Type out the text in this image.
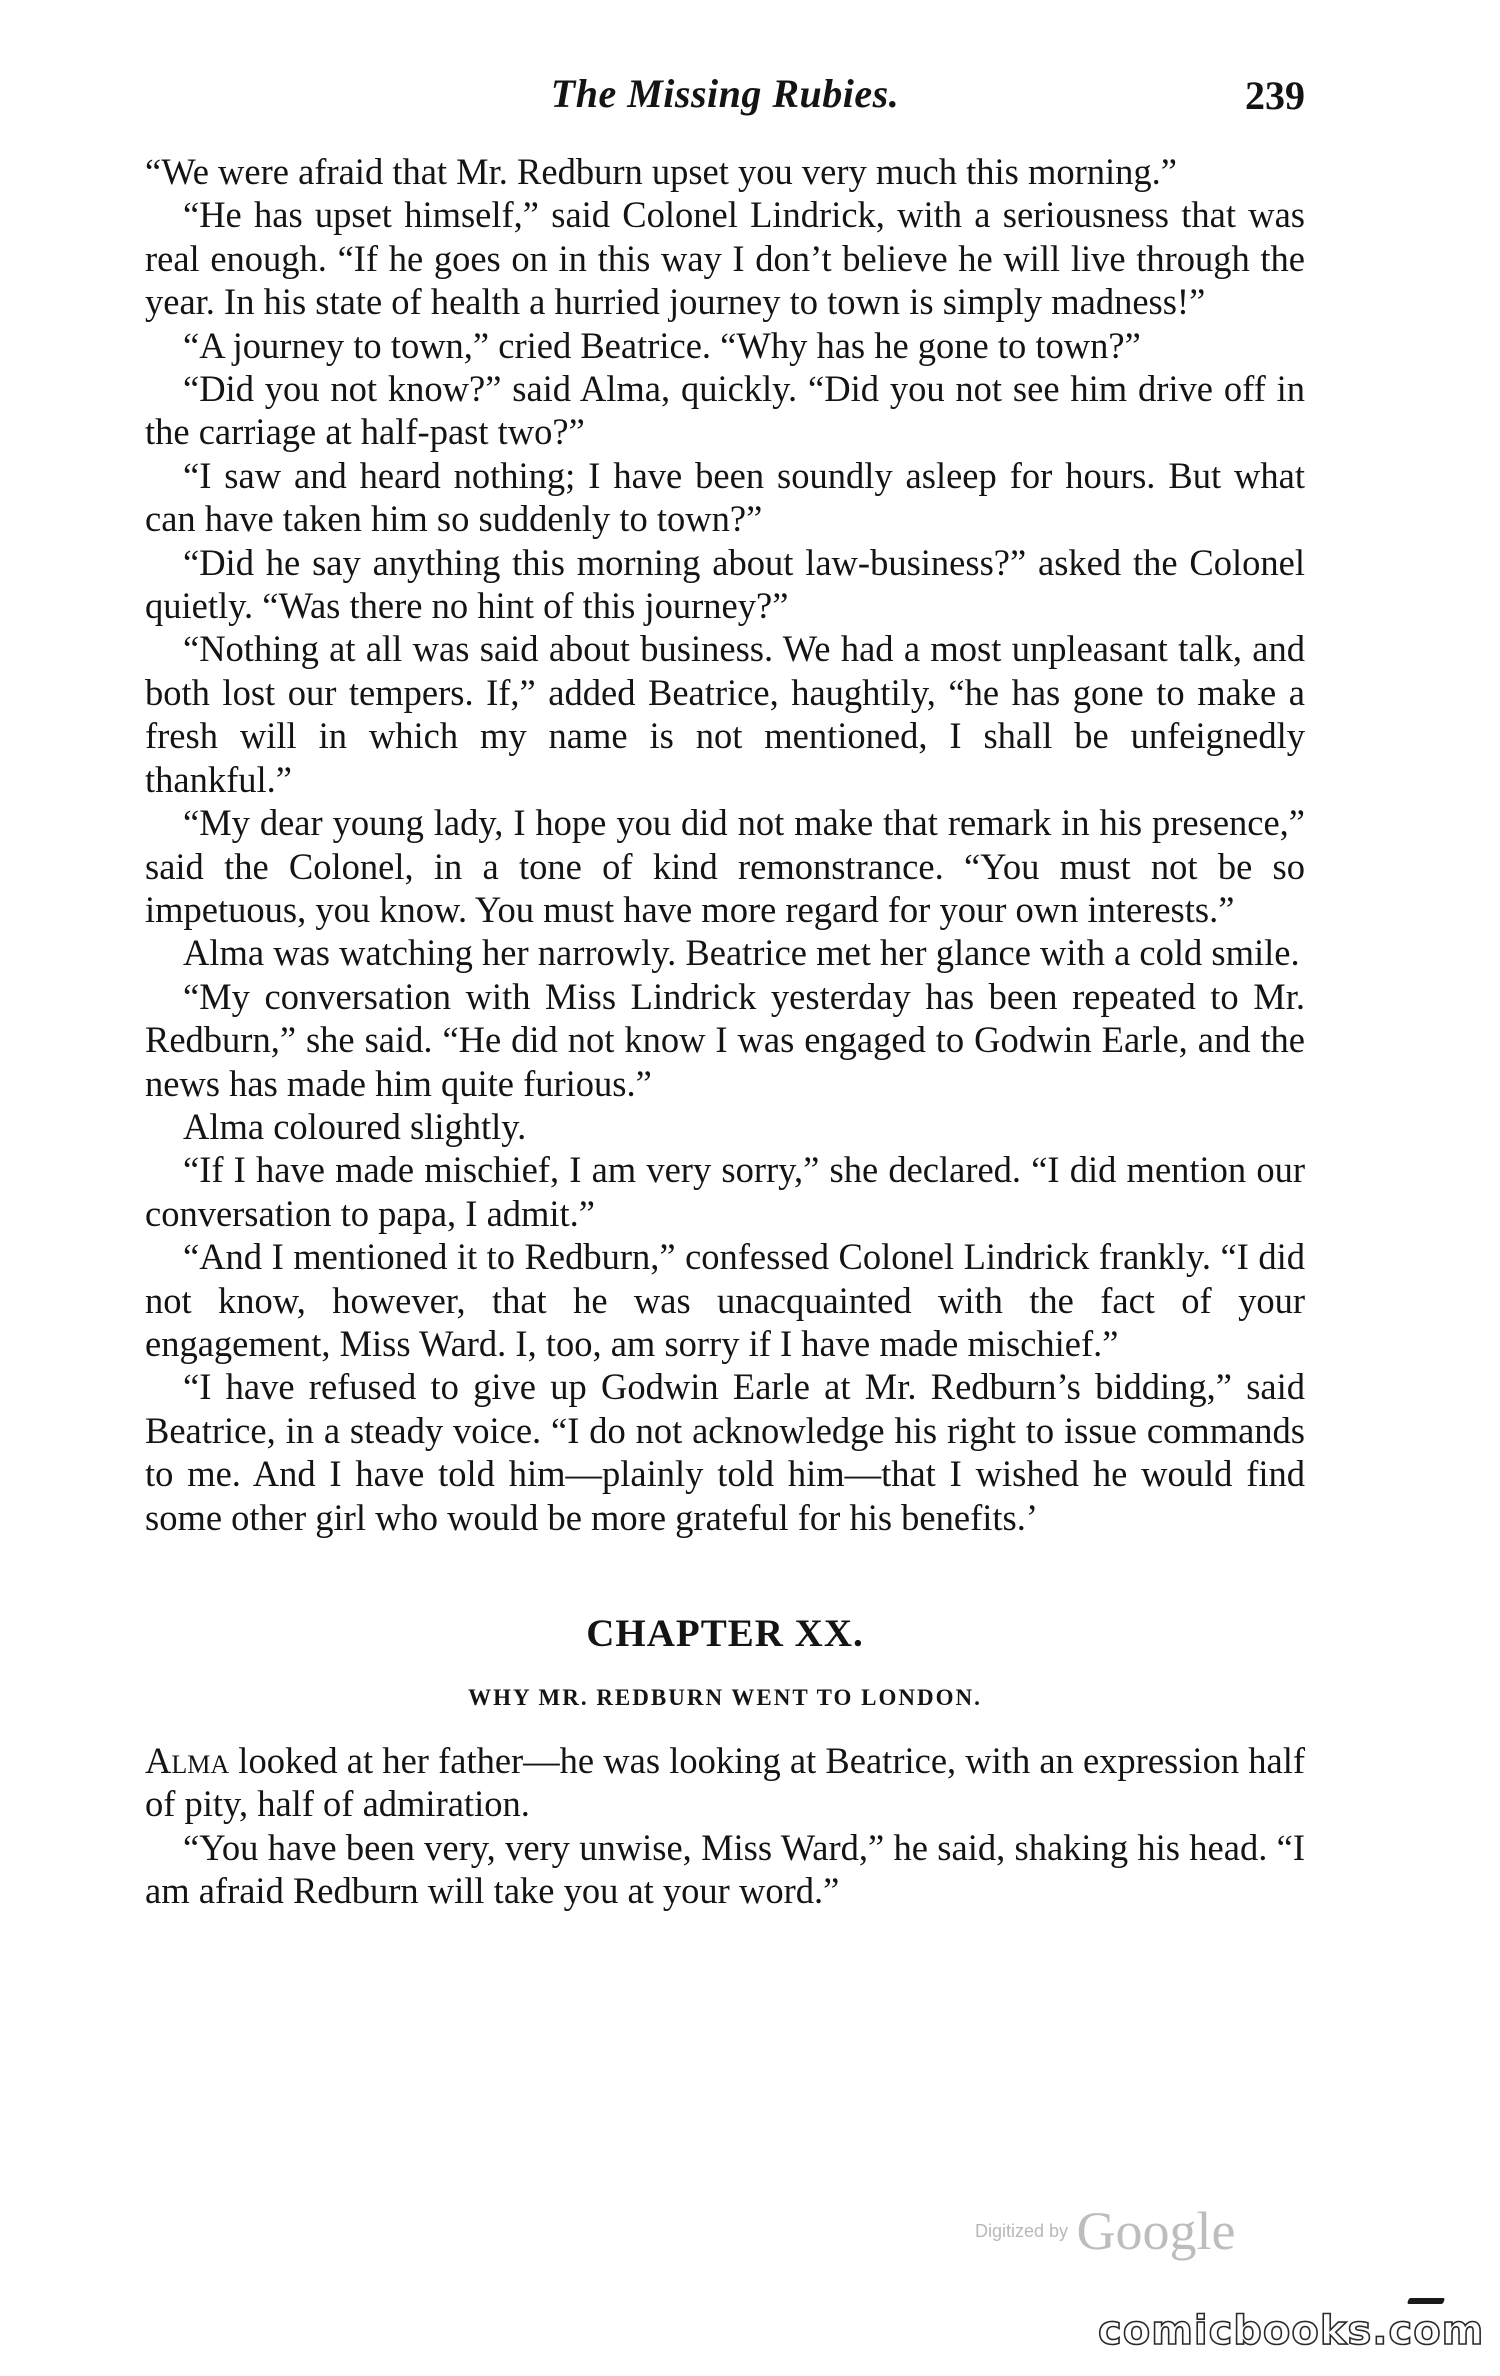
The Missing Rubies.	239

“We were afraid that Mr. Redburn upset you very much this morning.”

“He has upset himself,” said Colonel Lindrick, with a seriousness that was real enough. “If he goes on in this way I don’t believe he will live through the year. In his state of health a hurried journey to town is simply madness!”

“A journey to town,” cried Beatrice. “Why has he gone to town?”

“Did you not know?” said Alma, quickly. “Did you not see him drive off in the carriage at half-past two?”

“I saw and heard nothing; I have been soundly asleep for hours. But what can have taken him so suddenly to town?”

“Did he say anything this morning about law-business?” asked the Colonel quietly. “Was there no hint of this journey?”

“Nothing at all was said about business. We had a most unpleasant talk, and both lost our tempers. If,” added Beatrice, haughtily, “he has gone to make a fresh will in which my name is not mentioned, I shall be unfeignedly thankful.”

“My dear young lady, I hope you did not make that remark in his presence,” said the Colonel, in a tone of kind remonstrance. “You must not be so impetuous, you know. You must have more regard for your own interests.”

Alma was watching her narrowly. Beatrice met her glance with a cold smile.

“My conversation with Miss Lindrick yesterday has been repeated to Mr. Redburn,” she said. “He did not know I was engaged to Godwin Earle, and the news has made him quite furious.”

Alma coloured slightly.

“If I have made mischief, I am very sorry,” she declared. “I did mention our conversation to papa, I admit.”

“And I mentioned it to Redburn,” confessed Colonel Lindrick frankly. “I did not know, however, that he was unacquainted with the fact of your engagement, Miss Ward. I, too, am sorry if I have made mischief.”

“I have refused to give up Godwin Earle at Mr. Redburn’s bidding,” said Beatrice, in a steady voice. “I do not acknowledge his right to issue commands to me. And I have told him—plainly told him—that I wished he would find some other girl who would be more grateful for his benefits.’

CHAPTER XX.
WHY MR. REDBURN WENT TO LONDON.

Alma looked at her father—he was looking at Beatrice, with an expression half of pity, half of admiration.

“You have been very, very unwise, Miss Ward,” he said, shaking his head. “I am afraid Redburn will take you at your word.”

Digitized by Google
comicbooks.com
